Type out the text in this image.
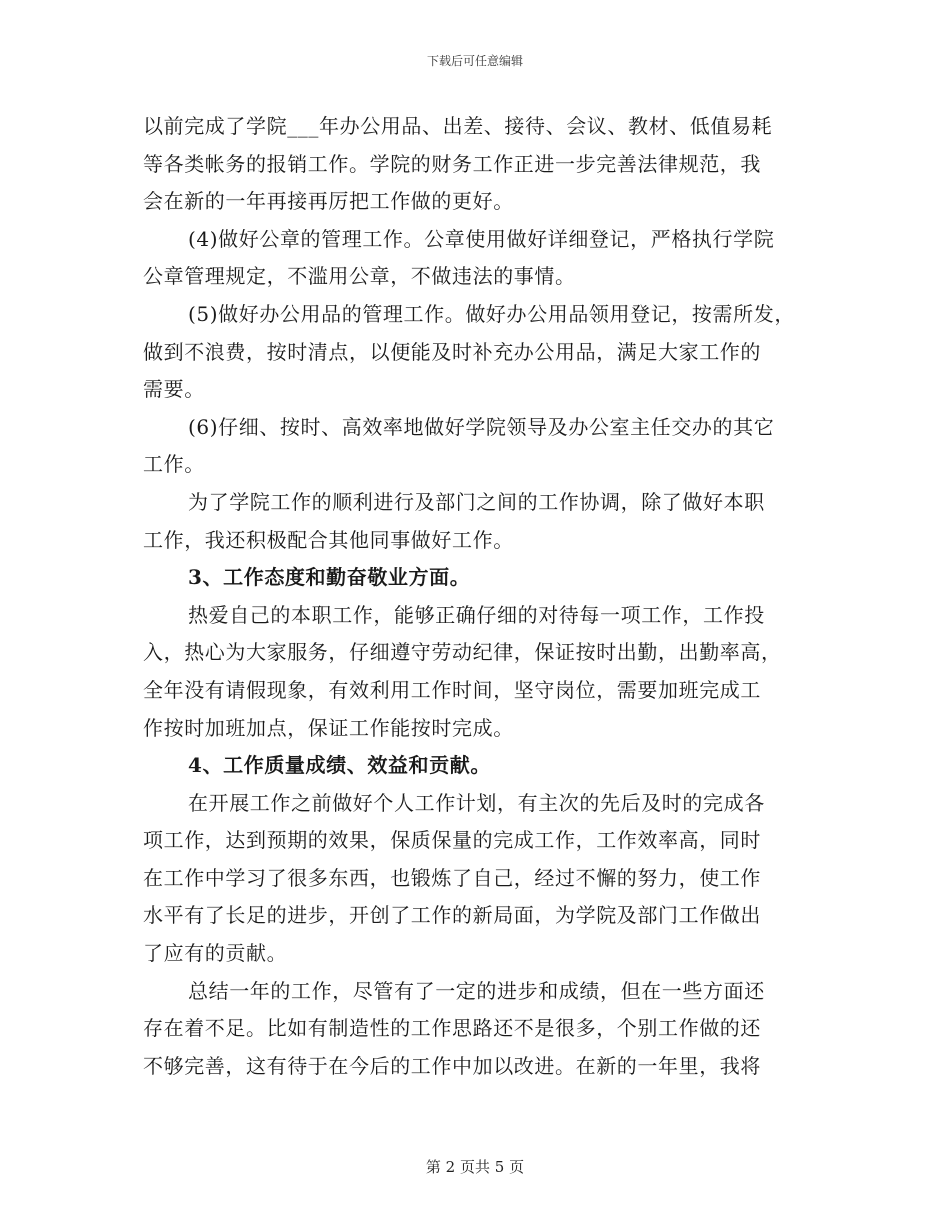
下载后可任意编辑
以前完成了学院___年办公用品、出差、接待、会议、教材、低值易耗
等各类帐务的报销工作。学院的财务工作正进一步完善法律规范，我
会在新的一年再接再厉把工作做的更好。
(4)做好公章的管理工作。公章使用做好详细登记，严格执行学院
公章管理规定，不滥用公章，不做违法的事情。
(5)做好办公用品的管理工作。做好办公用品领用登记，按需所发，
做到不浪费，按时清点，以便能及时补充办公用品，满足大家工作的
需要。
(6)仔细、按时、高效率地做好学院领导及办公室主任交办的其它
工作。
为了学院工作的顺利进行及部门之间的工作协调，除了做好本职
工作，我还积极配合其他同事做好工作。
3、工作态度和勤奋敬业方面。
热爱自己的本职工作，能够正确仔细的对待每一项工作，工作投
入，热心为大家服务，仔细遵守劳动纪律，保证按时出勤，出勤率高，
全年没有请假现象，有效利用工作时间，坚守岗位，需要加班完成工
作按时加班加点，保证工作能按时完成。
4、工作质量成绩、效益和贡献。
在开展工作之前做好个人工作计划，有主次的先后及时的完成各
项工作，达到预期的效果，保质保量的完成工作，工作效率高，同时
在工作中学习了很多东西，也锻炼了自己，经过不懈的努力，使工作
水平有了长足的进步，开创了工作的新局面，为学院及部门工作做出
了应有的贡献。
总结一年的工作，尽管有了一定的进步和成绩，但在一些方面还
存在着不足。比如有制造性的工作思路还不是很多，个别工作做的还
不够完善，这有待于在今后的工作中加以改进。在新的一年里，我将
第 2 页共 5 页
